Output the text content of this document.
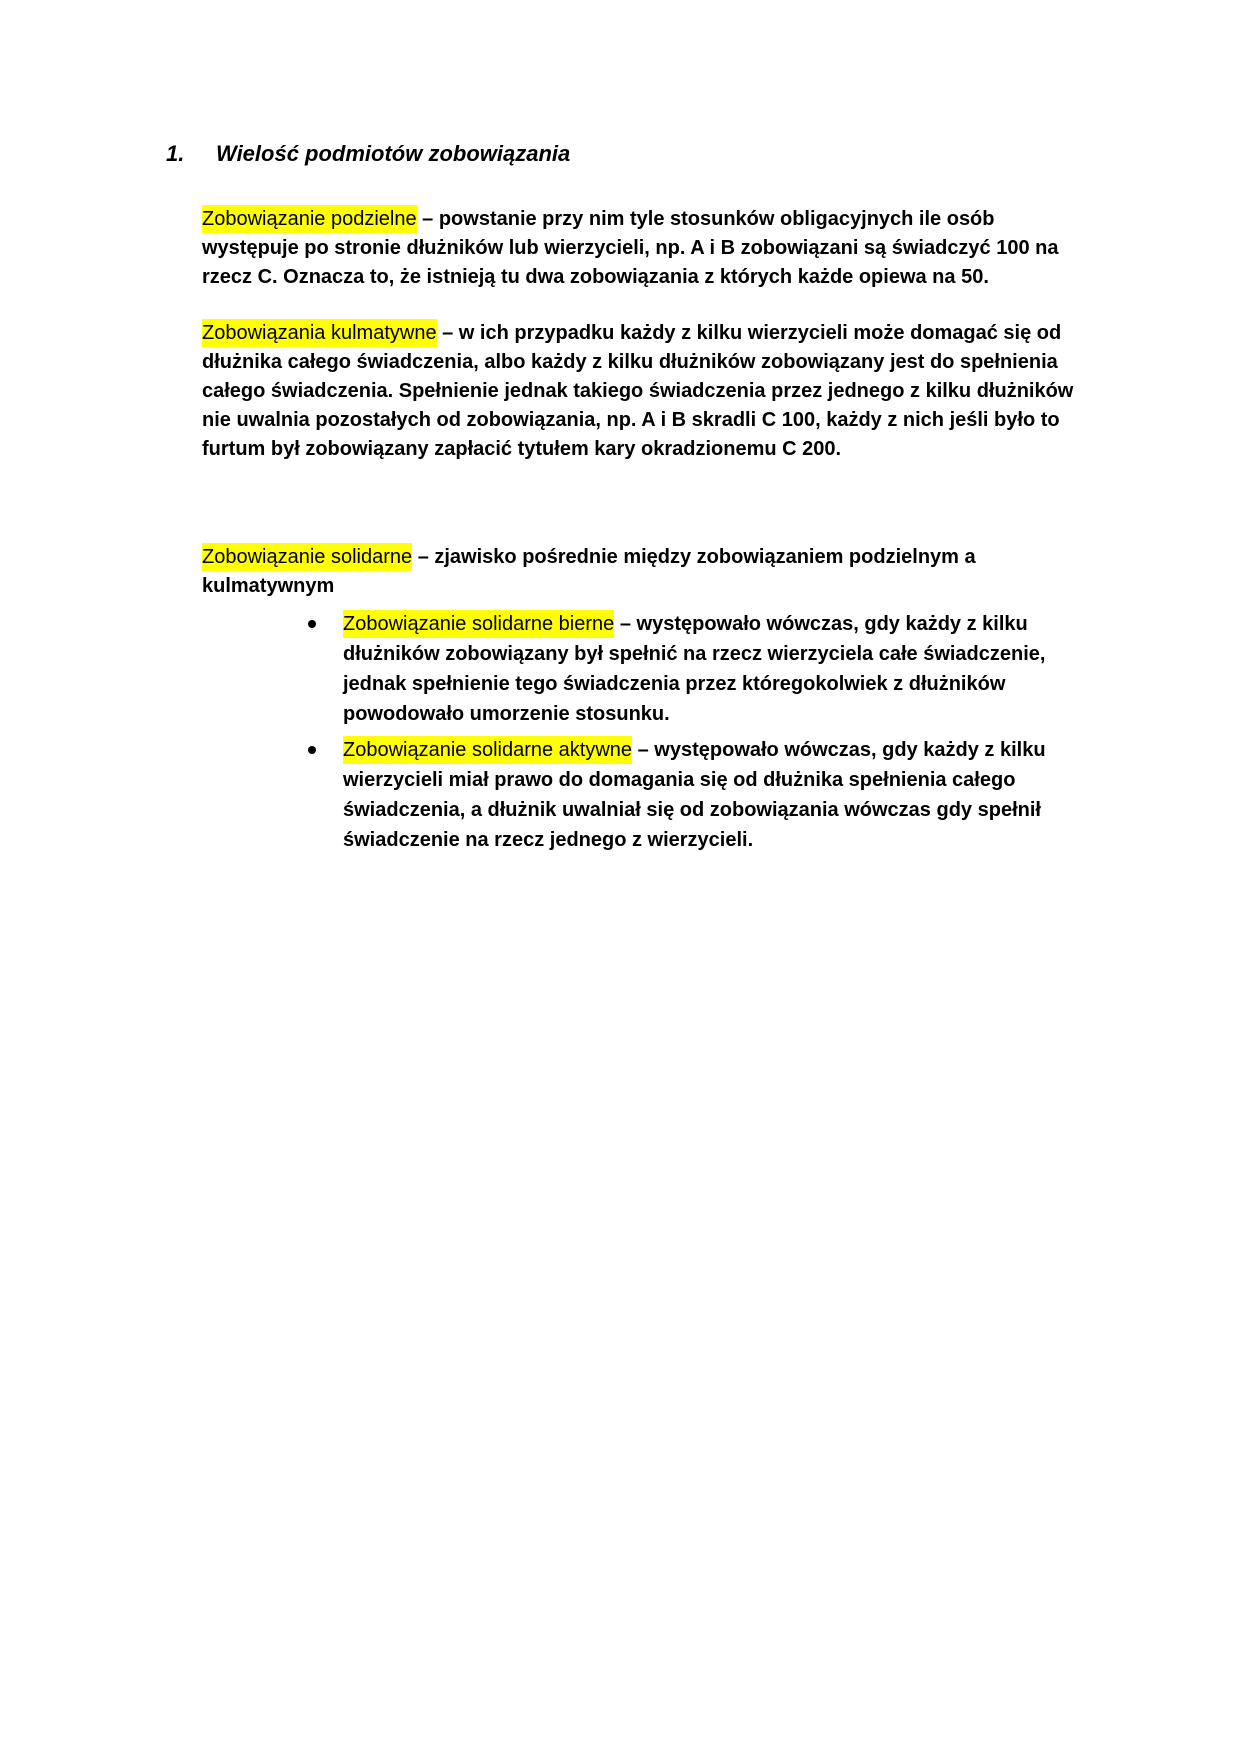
1. Wielość podmiotów zobowiązania
Zobowiązanie podzielne – powstanie przy nim tyle stosunków obligacyjnych ile osób występuje po stronie dłużników lub wierzycieli, np. A i B zobowiązani są świadczyć 100 na rzecz C. Oznacza to, że istnieją tu dwa zobowiązania z których każde opiewa na 50.
Zobowiązania kulmatywne – w ich przypadku każdy z kilku wierzycieli może domagać się od dłużnika całego świadczenia, albo każdy z kilku dłużników zobowiązany jest do spełnienia całego świadczenia. Spełnienie jednak takiego świadczenia przez jednego z kilku dłużników nie uwalnia pozostałych od zobowiązania, np. A i B skradli C 100, każdy z nich jeśli było to furtum był zobowiązany zapłacić tytułem kary okradzionemu C 200.
Zobowiązanie solidarne – zjawisko pośrednie między zobowiązaniem podzielnym a kulmatywnym
Zobowiązanie solidarne bierne – występowało wówczas, gdy każdy z kilku dłużników zobowiązany był spełnić na rzecz wierzyciela całe świadczenie, jednak spełnienie tego świadczenia przez któregokolwiek z dłużników powodowało umorzenie stosunku.
Zobowiązanie solidarne aktywne – występowało wówczas, gdy każdy z kilku wierzycieli miał prawo do domagania się od dłużnika spełnienia całego świadczenia, a dłużnik uwalniał się od zobowiązania wówczas gdy spełnił świadczenie na rzecz jednego z wierzycieli.
